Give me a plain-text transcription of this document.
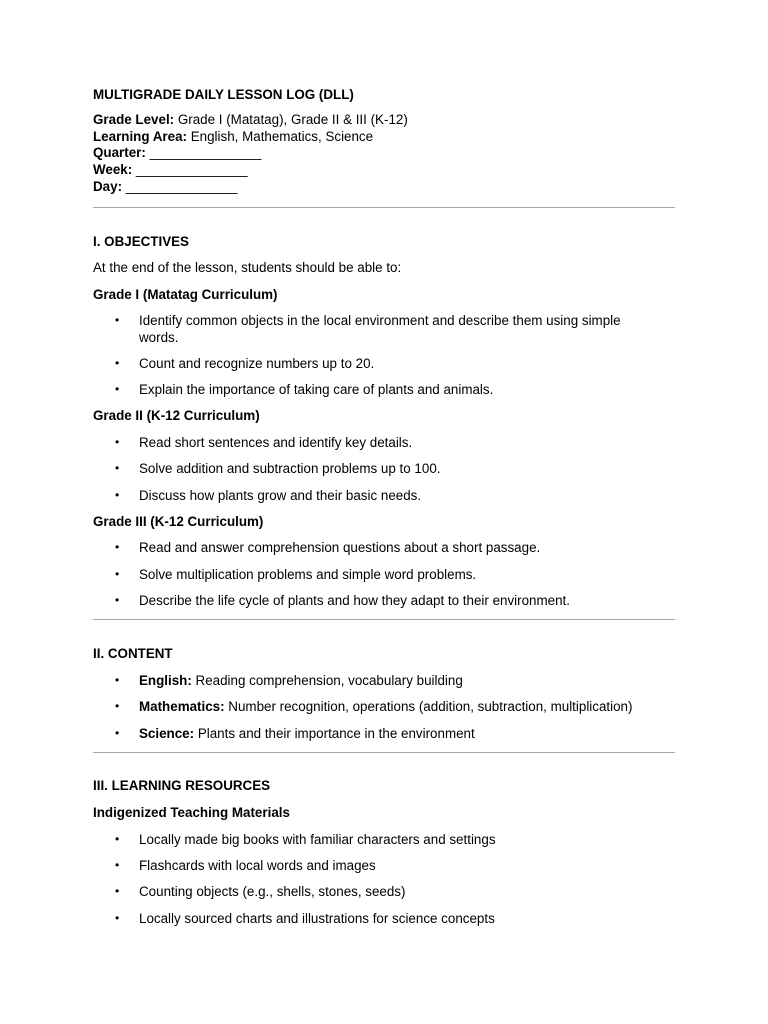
MULTIGRADE DAILY LESSON LOG (DLL)
Grade Level: Grade I (Matatag), Grade II & III (K-12)
Learning Area: English, Mathematics, Science
Quarter: _______________
Week: _______________
Day: _______________
I. OBJECTIVES
At the end of the lesson, students should be able to:
Grade I (Matatag Curriculum)
• Identify common objects in the local environment and describe them using simple words.
• Count and recognize numbers up to 20.
• Explain the importance of taking care of plants and animals.
Grade II (K-12 Curriculum)
• Read short sentences and identify key details.
• Solve addition and subtraction problems up to 100.
• Discuss how plants grow and their basic needs.
Grade III (K-12 Curriculum)
• Read and answer comprehension questions about a short passage.
• Solve multiplication problems and simple word problems.
• Describe the life cycle of plants and how they adapt to their environment.
II. CONTENT
• English: Reading comprehension, vocabulary building
• Mathematics: Number recognition, operations (addition, subtraction, multiplication)
• Science: Plants and their importance in the environment
III. LEARNING RESOURCES
Indigenized Teaching Materials
• Locally made big books with familiar characters and settings
• Flashcards with local words and images
• Counting objects (e.g., shells, stones, seeds)
• Locally sourced charts and illustrations for science concepts
